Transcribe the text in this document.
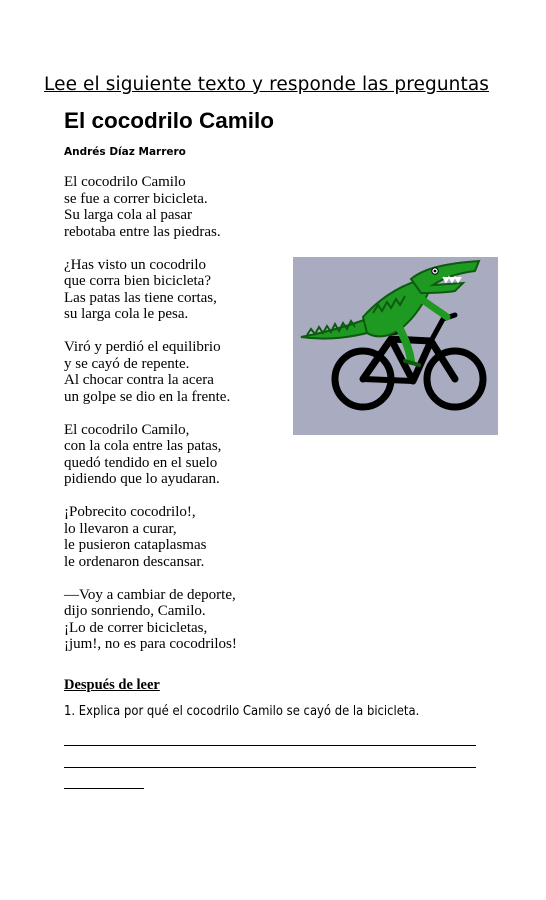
Lee el siguiente texto y responde las preguntas
El cocodrilo Camilo
Andrés Díaz Marrero
El cocodrilo Camilo
se fue a correr bicicleta.
Su larga cola al pasar
rebotaba entre las piedras.
¿Has visto un cocodrilo
que corra bien bicicleta?
Las patas las tiene cortas,
su larga cola le pesa.
Viró y perdió el equilibrio
y se cayó de repente.
Al chocar contra la acera
un golpe se dio en la frente.
El cocodrilo Camilo,
con la cola entre las patas,
quedó tendido en el suelo
pidiendo que lo ayudaran.
¡Pobrecito cocodrilo!,
lo llevaron a curar,
le pusieron cataplasmas
le ordenaron descansar.
—Voy a cambiar de deporte,
dijo sonriendo, Camilo.
¡Lo de correr bicicletas,
¡jum!, no es para cocodrilos!
Después de leer
1. Explica por qué el cocodrilo Camilo se cayó de la bicicleta.
